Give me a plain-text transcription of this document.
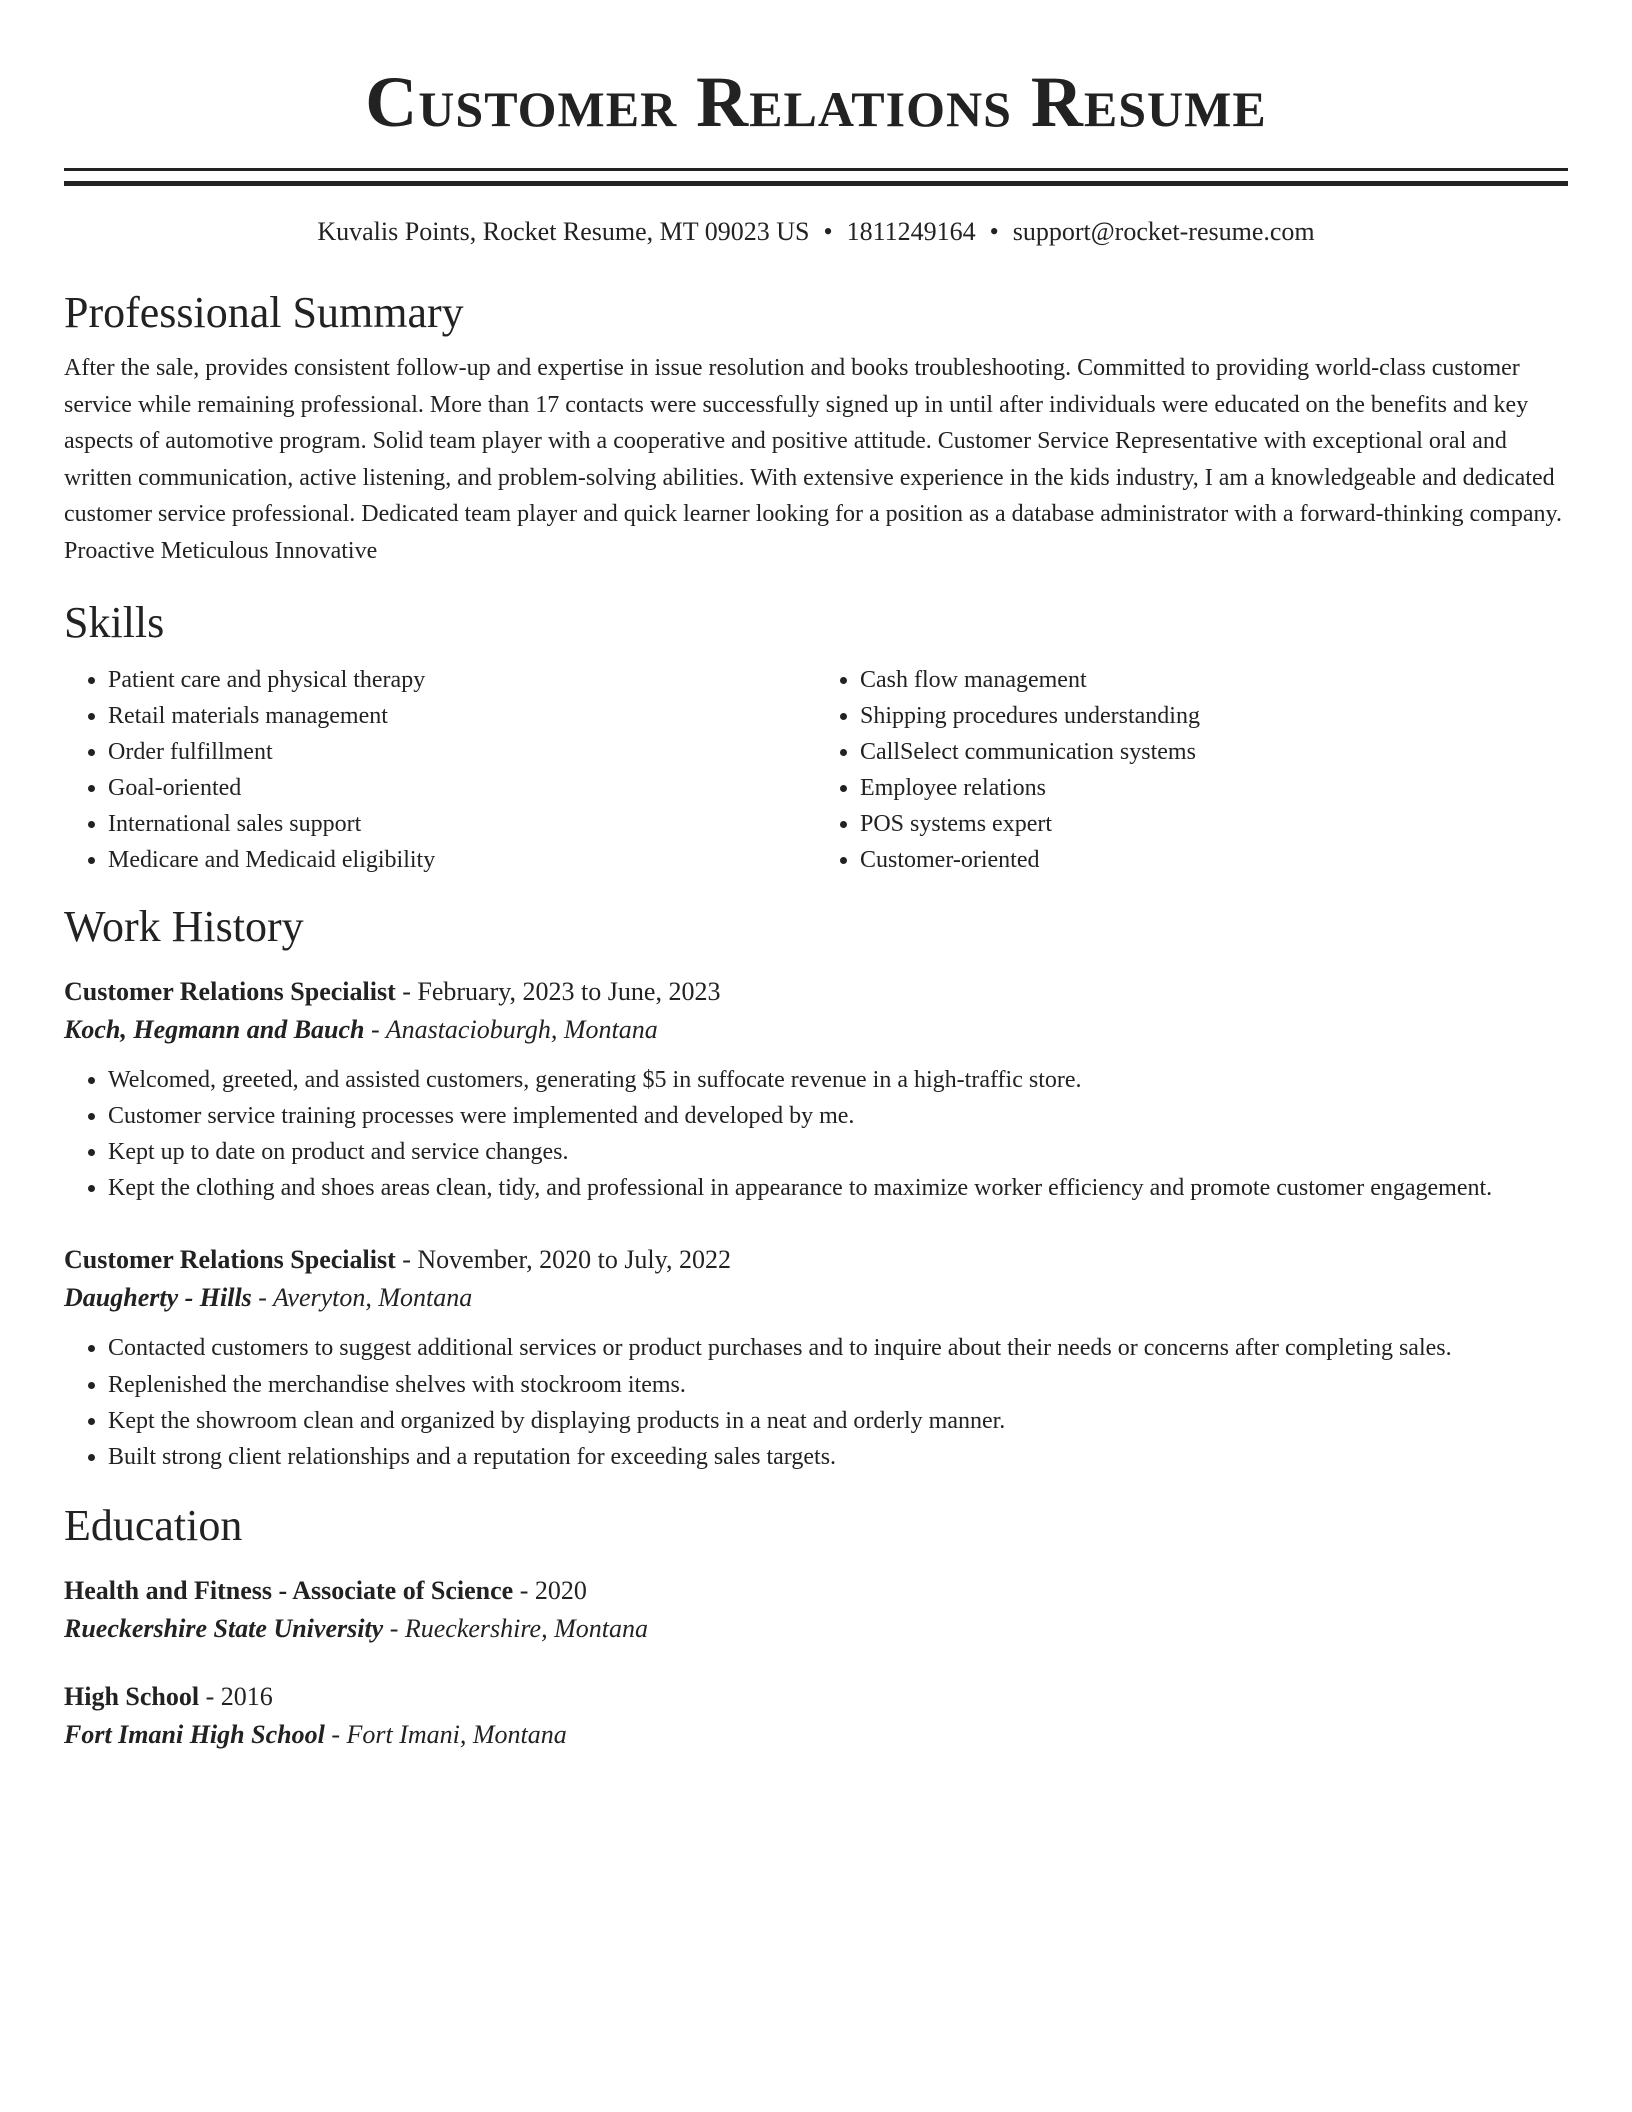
Customer Relations Resume
Kuvalis Points, Rocket Resume, MT 09023 US • 1811249164 • support@rocket-resume.com
Professional Summary

After the sale, provides consistent follow-up and expertise in issue resolution and books troubleshooting. Committed to providing world-class customer service while remaining professional. More than 17 contacts were successfully signed up in until after individuals were educated on the benefits and key aspects of automotive program. Solid team player with a cooperative and positive attitude. Customer Service Representative with exceptional oral and written communication, active listening, and problem-solving abilities. With extensive experience in the kids industry, I am a knowledgeable and dedicated customer service professional. Dedicated team player and quick learner looking for a position as a database administrator with a forward-thinking company. Proactive Meticulous Innovative

Skills
• Patient care and physical therapy
• Retail materials management
• Order fulfillment
• Goal-oriented
• International sales support
• Medicare and Medicaid eligibility
• Cash flow management
• Shipping procedures understanding
• CallSelect communication systems
• Employee relations
• POS systems expert
• Customer-oriented
Work History
Customer Relations Specialist - February, 2023 to June, 2023
Koch, Hegmann and Bauch - Anastacioburgh, Montana
• Welcomed, greeted, and assisted customers, generating $5 in suffocate revenue in a high-traffic store.
• Customer service training processes were implemented and developed by me.
• Kept up to date on product and service changes.
• Kept the clothing and shoes areas clean, tidy, and professional in appearance to maximize worker efficiency and promote customer engagement.
Customer Relations Specialist - November, 2020 to July, 2022
Daugherty - Hills - Averyton, Montana
• Contacted customers to suggest additional services or product purchases and to inquire about their needs or concerns after completing sales.
• Replenished the merchandise shelves with stockroom items.
• Kept the showroom clean and organized by displaying products in a neat and orderly manner.
• Built strong client relationships and a reputation for exceeding sales targets.
Education
Health and Fitness - Associate of Science - 2020
Rueckershire State University - Rueckershire, Montana
High School - 2016
Fort Imani High School - Fort Imani, Montana
